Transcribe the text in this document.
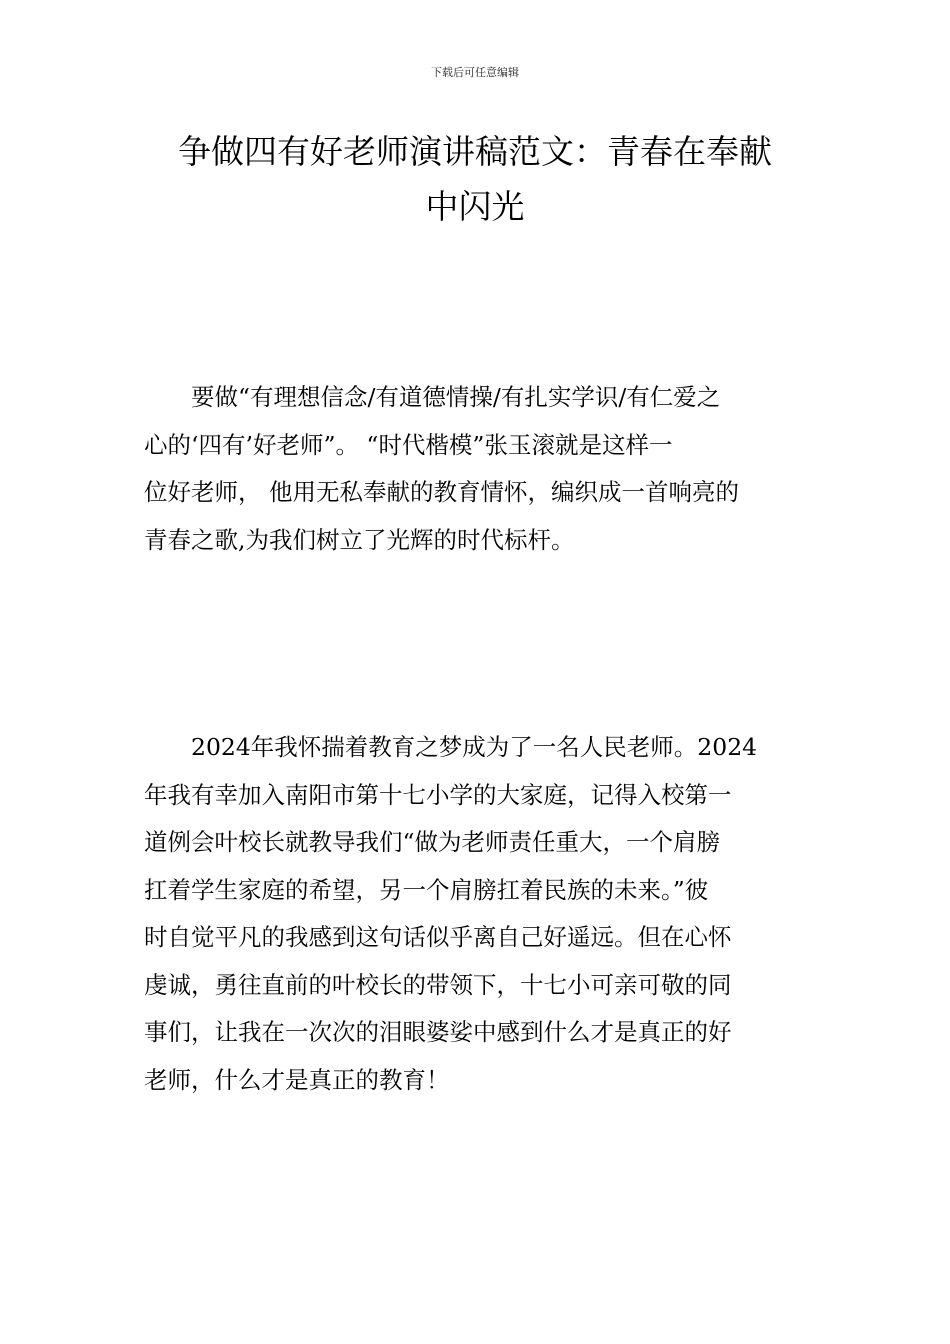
下载后可任意编辑
争做四有好老师演讲稿范文：青春在奉献
中闪光

　　要做“有理想信念/有道德情操/有扎实学识/有仁爱之
心的‘四有’好老师”。 “时代楷模”张玉滚就是这样一
位好老师， 他用无私奉献的教育情怀，编织成一首响亮的
青春之歌,为我们树立了光辉的时代标杆。

　　2024年我怀揣着教育之梦成为了一名人民老师。2024
年我有幸加入南阳市第十七小学的大家庭，记得入校第一
道例会叶校长就教导我们“做为老师责任重大，一个肩膀
扛着学生家庭的希望，另一个肩膀扛着民族的未来。”彼
时自觉平凡的我感到这句话似乎离自己好遥远。但在心怀
虔诚，勇往直前的叶校长的带领下，十七小可亲可敬的同
事们，让我在一次次的泪眼婆娑中感到什么才是真正的好
老师，什么才是真正的教育！
